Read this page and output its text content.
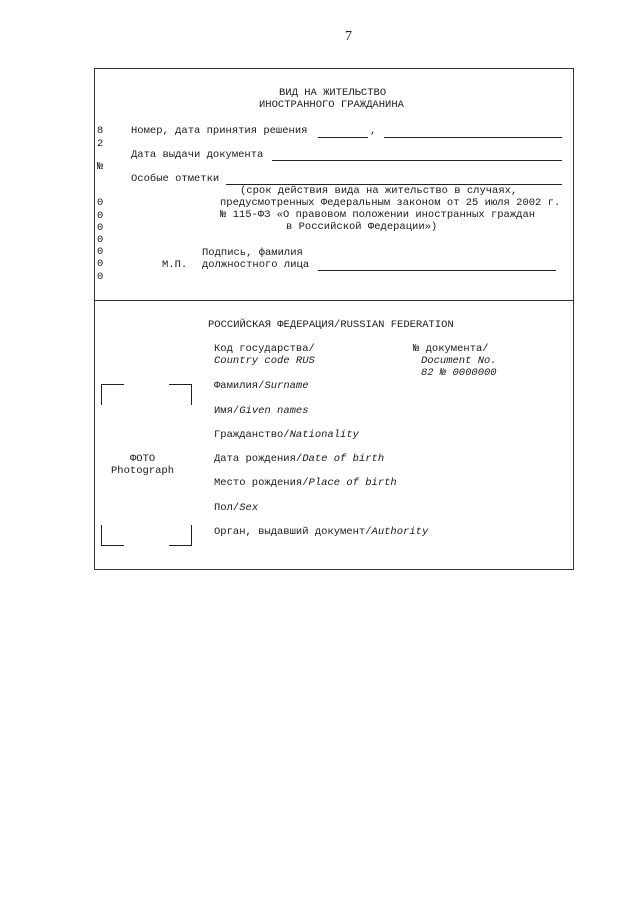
7
8
2
№
0
0
0
0
0
0
0
ВИД НА ЖИТЕЛЬСТВО
ИНОСТРАННОГО ГРАЖДАНИНА
Номер, дата принятия решения	,
Дата выдачи документа
Особые отметки
(срок действия вида на жительство в случаях,
предусмотренных Федеральным законом от 25 июля 2002 г.
№ 115-ФЗ «О правовом положении иностранных граждан
в Российской Федерации»)
Подпись, фамилия
М.П. должностного лица
РОССИЙСКАЯ ФЕДЕРАЦИЯ/RUSSIAN FEDERATION
Код государства/
Country code RUS
№ документа/
Document No.
82 № 0000000
ФОТО
Photograph
Фамилия/Surname
Имя/Given names
Гражданство/Nationality
Дата рождения/Date of birth
Место рождения/Place of birth
Пол/Sex
Орган, выдавший документ/Authority
